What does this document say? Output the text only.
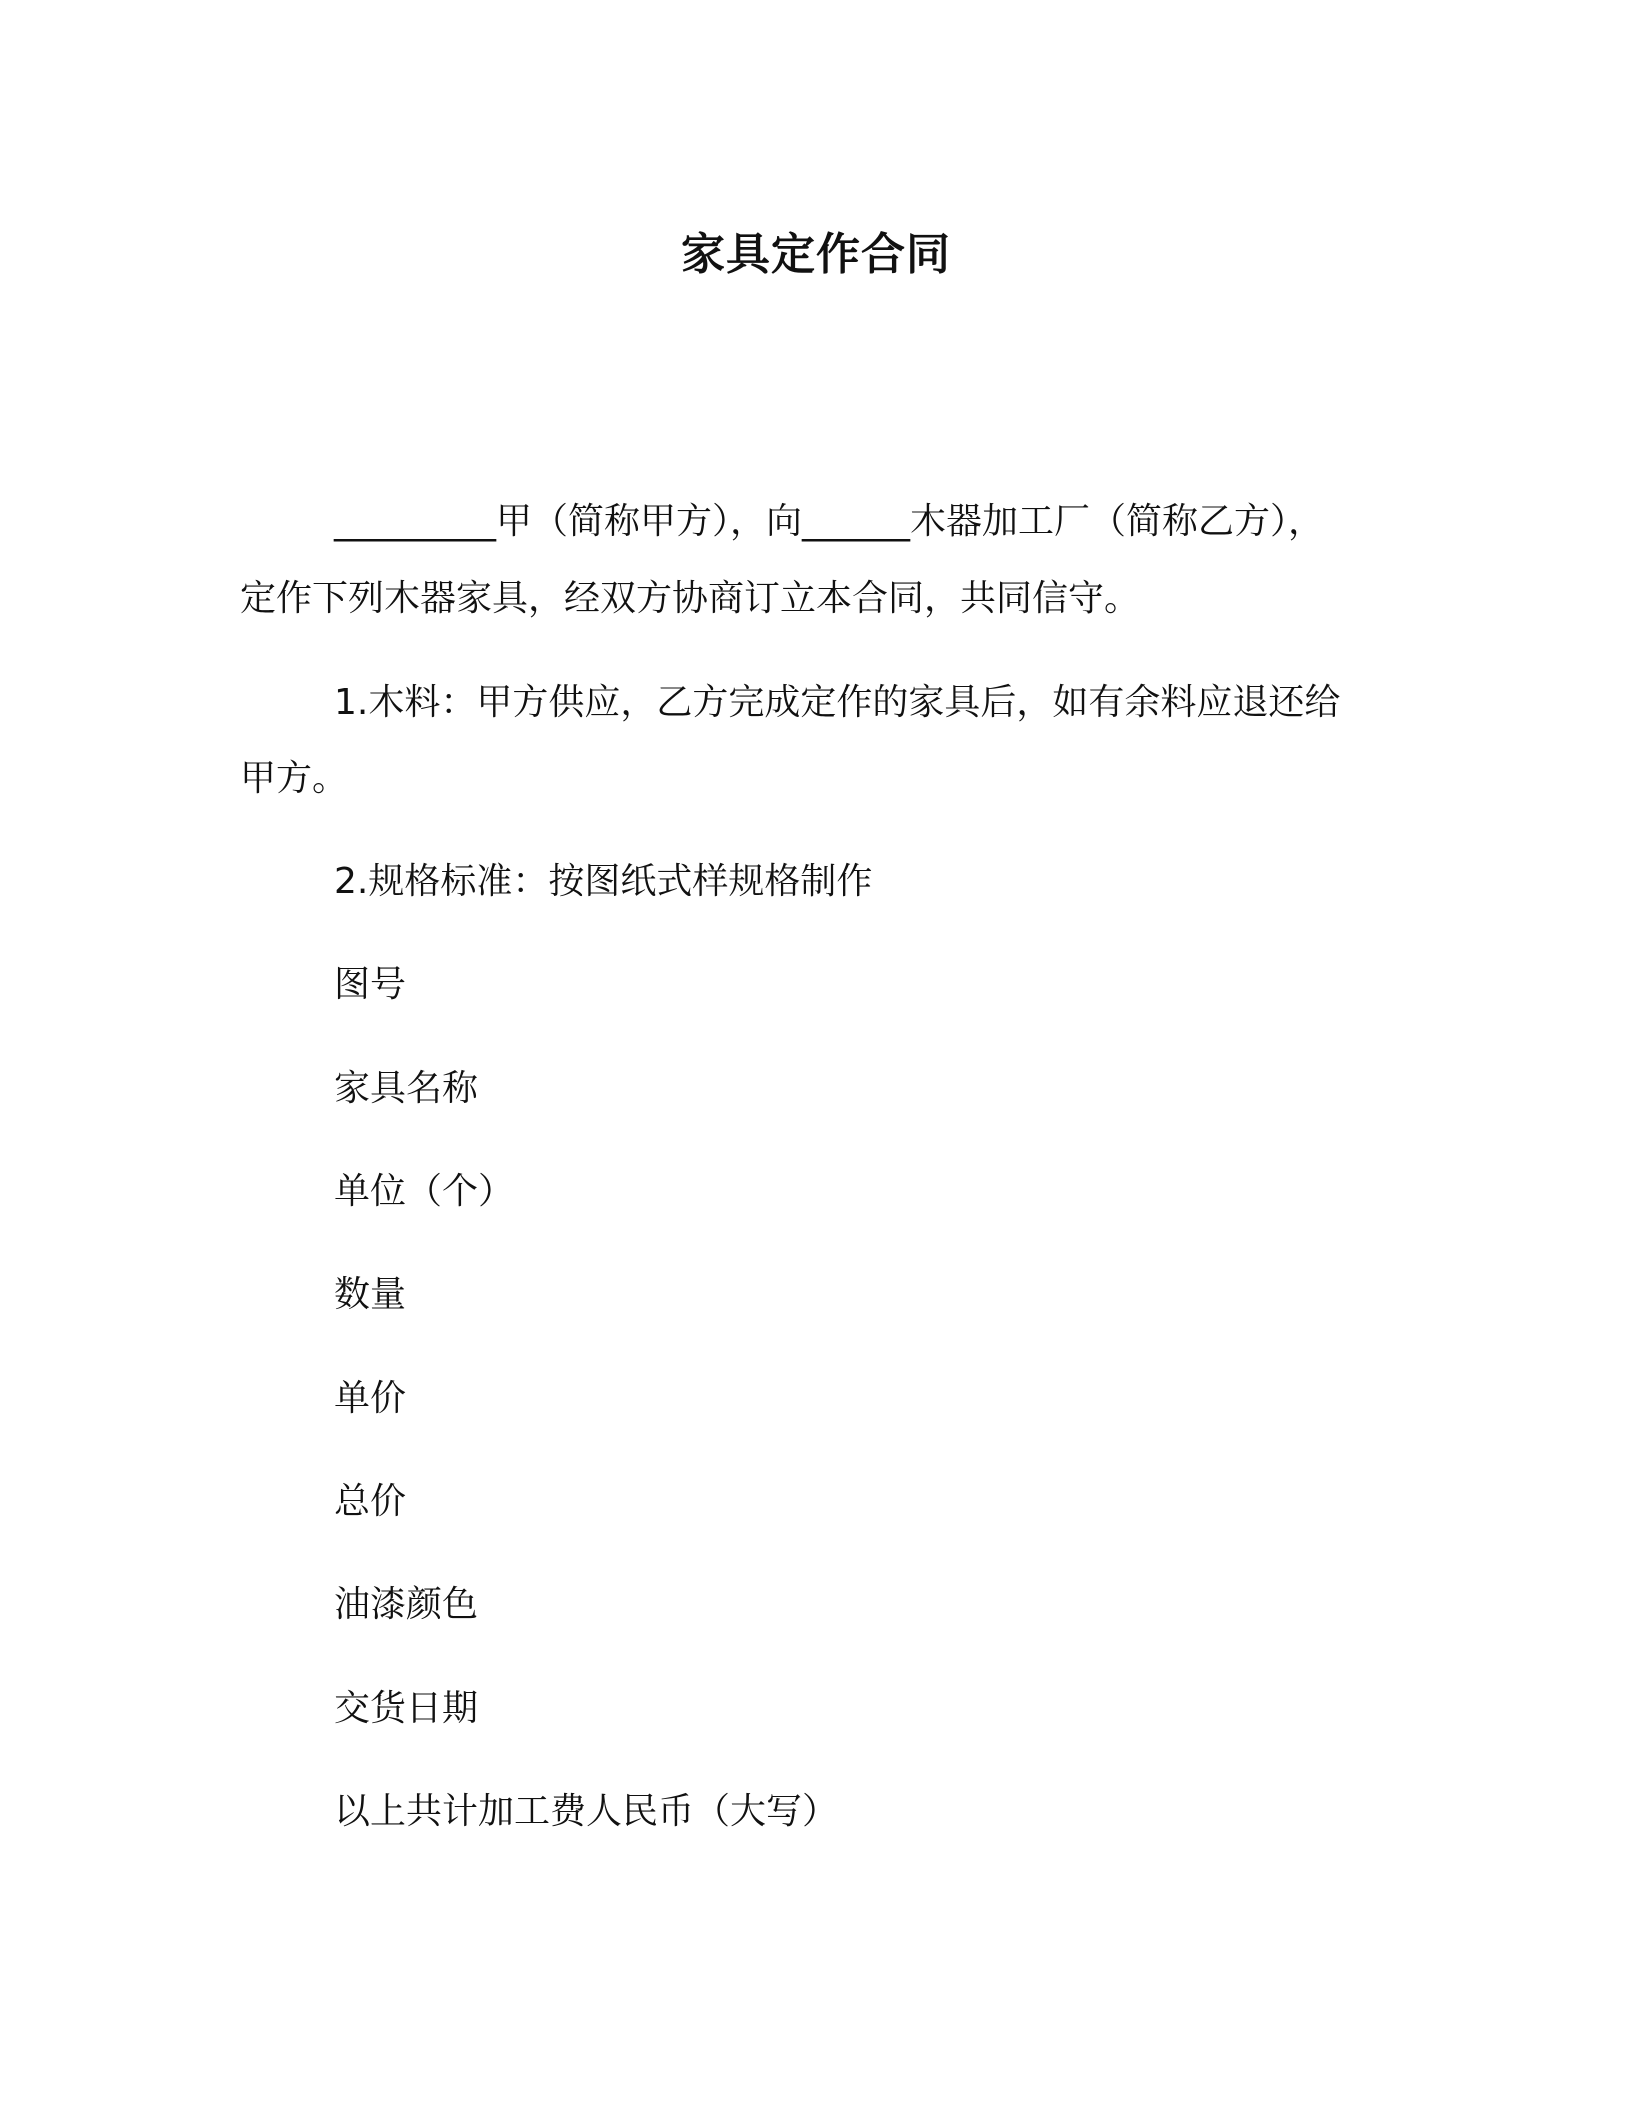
家具定作合同

_________甲（简称甲方），向______木器加工厂（简称乙方），

定作下列木器家具，经双方协商订立本合同，共同信守。

1.木料：甲方供应，乙方完成定作的家具后，如有余料应退还给

甲方。

2.规格标准：按图纸式样规格制作

图号

家具名称

单位（个）

数量

单价

总价

油漆颜色

交货日期

以上共计加工费人民币（大写）
